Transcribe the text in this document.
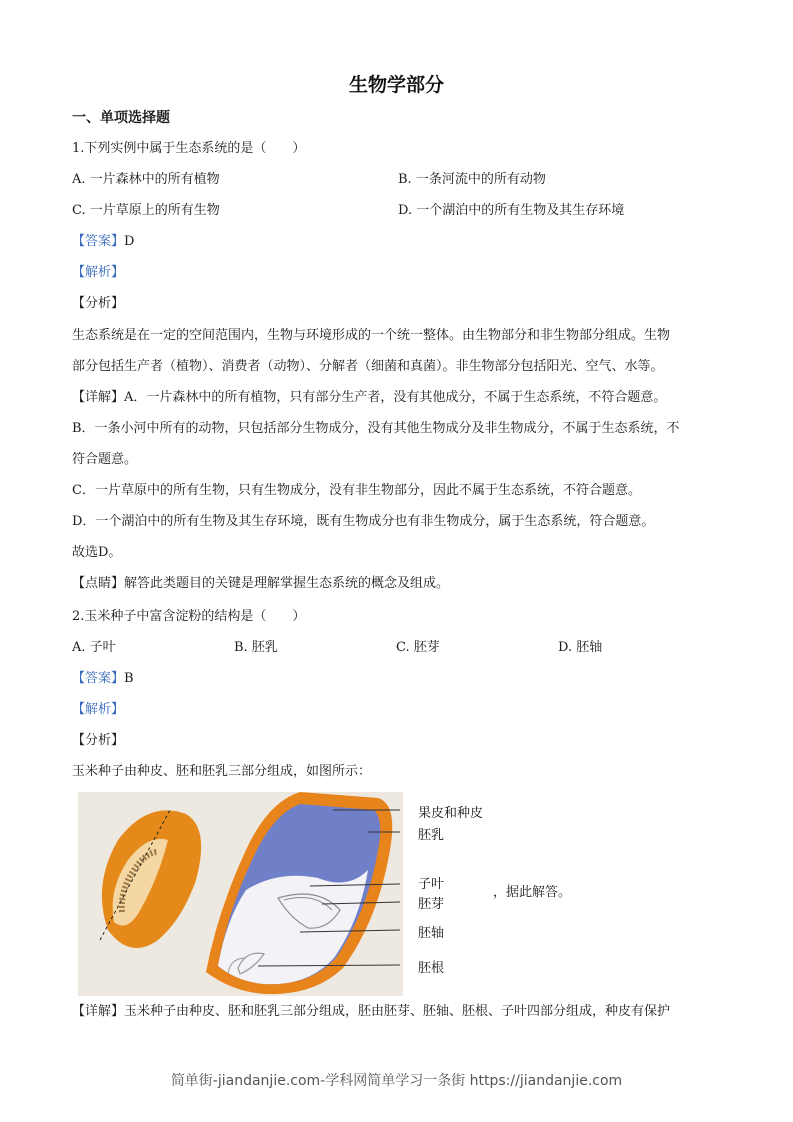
生物学部分
一、单项选择题
1.下列实例中属于生态系统的是（　　）
A. 一片森林中的所有植物	B. 一条河流中的所有动物
C. 一片草原上的所有生物	D. 一个湖泊中的所有生物及其生存环境
【答案】D
【解析】
【分析】
生态系统是在一定的空间范围内，生物与环境形成的一个统一整体。由生物部分和非生物部分组成。生物
部分包括生产者（植物）、消费者（动物）、分解者（细菌和真菌）。非生物部分包括阳光、空气、水等。
【详解】A．一片森林中的所有植物，只有部分生产者，没有其他成分，不属于生态系统，不符合题意。
B．一条小河中所有的动物，只包括部分生物成分，没有其他生物成分及非生物成分，不属于生态系统，不
符合题意。
C．一片草原中的所有生物，只有生物成分，没有非生物部分，因此不属于生态系统，不符合题意。
D．一个湖泊中的所有生物及其生存环境，既有生物成分也有非生物成分，属于生态系统，符合题意。
故选D。
【点睛】解答此类题目的关键是理解掌握生态系统的概念及组成。
2.玉米种子中富含淀粉的结构是（　　）
A. 子叶	B. 胚乳	C. 胚芽	D. 胚轴
【答案】B
【解析】
【分析】
玉米种子由种皮、胚和胚乳三部分组成，如图所示：
果皮和种皮
胚乳
子叶
胚芽
胚轴
胚根
，据此解答。
【详解】玉米种子由种皮、胚和胚乳三部分组成，胚由胚芽、胚轴、胚根、子叶四部分组成，种皮有保护
简单街-jiandanjie.com-学科网简单学习一条街 https://jiandanjie.com
